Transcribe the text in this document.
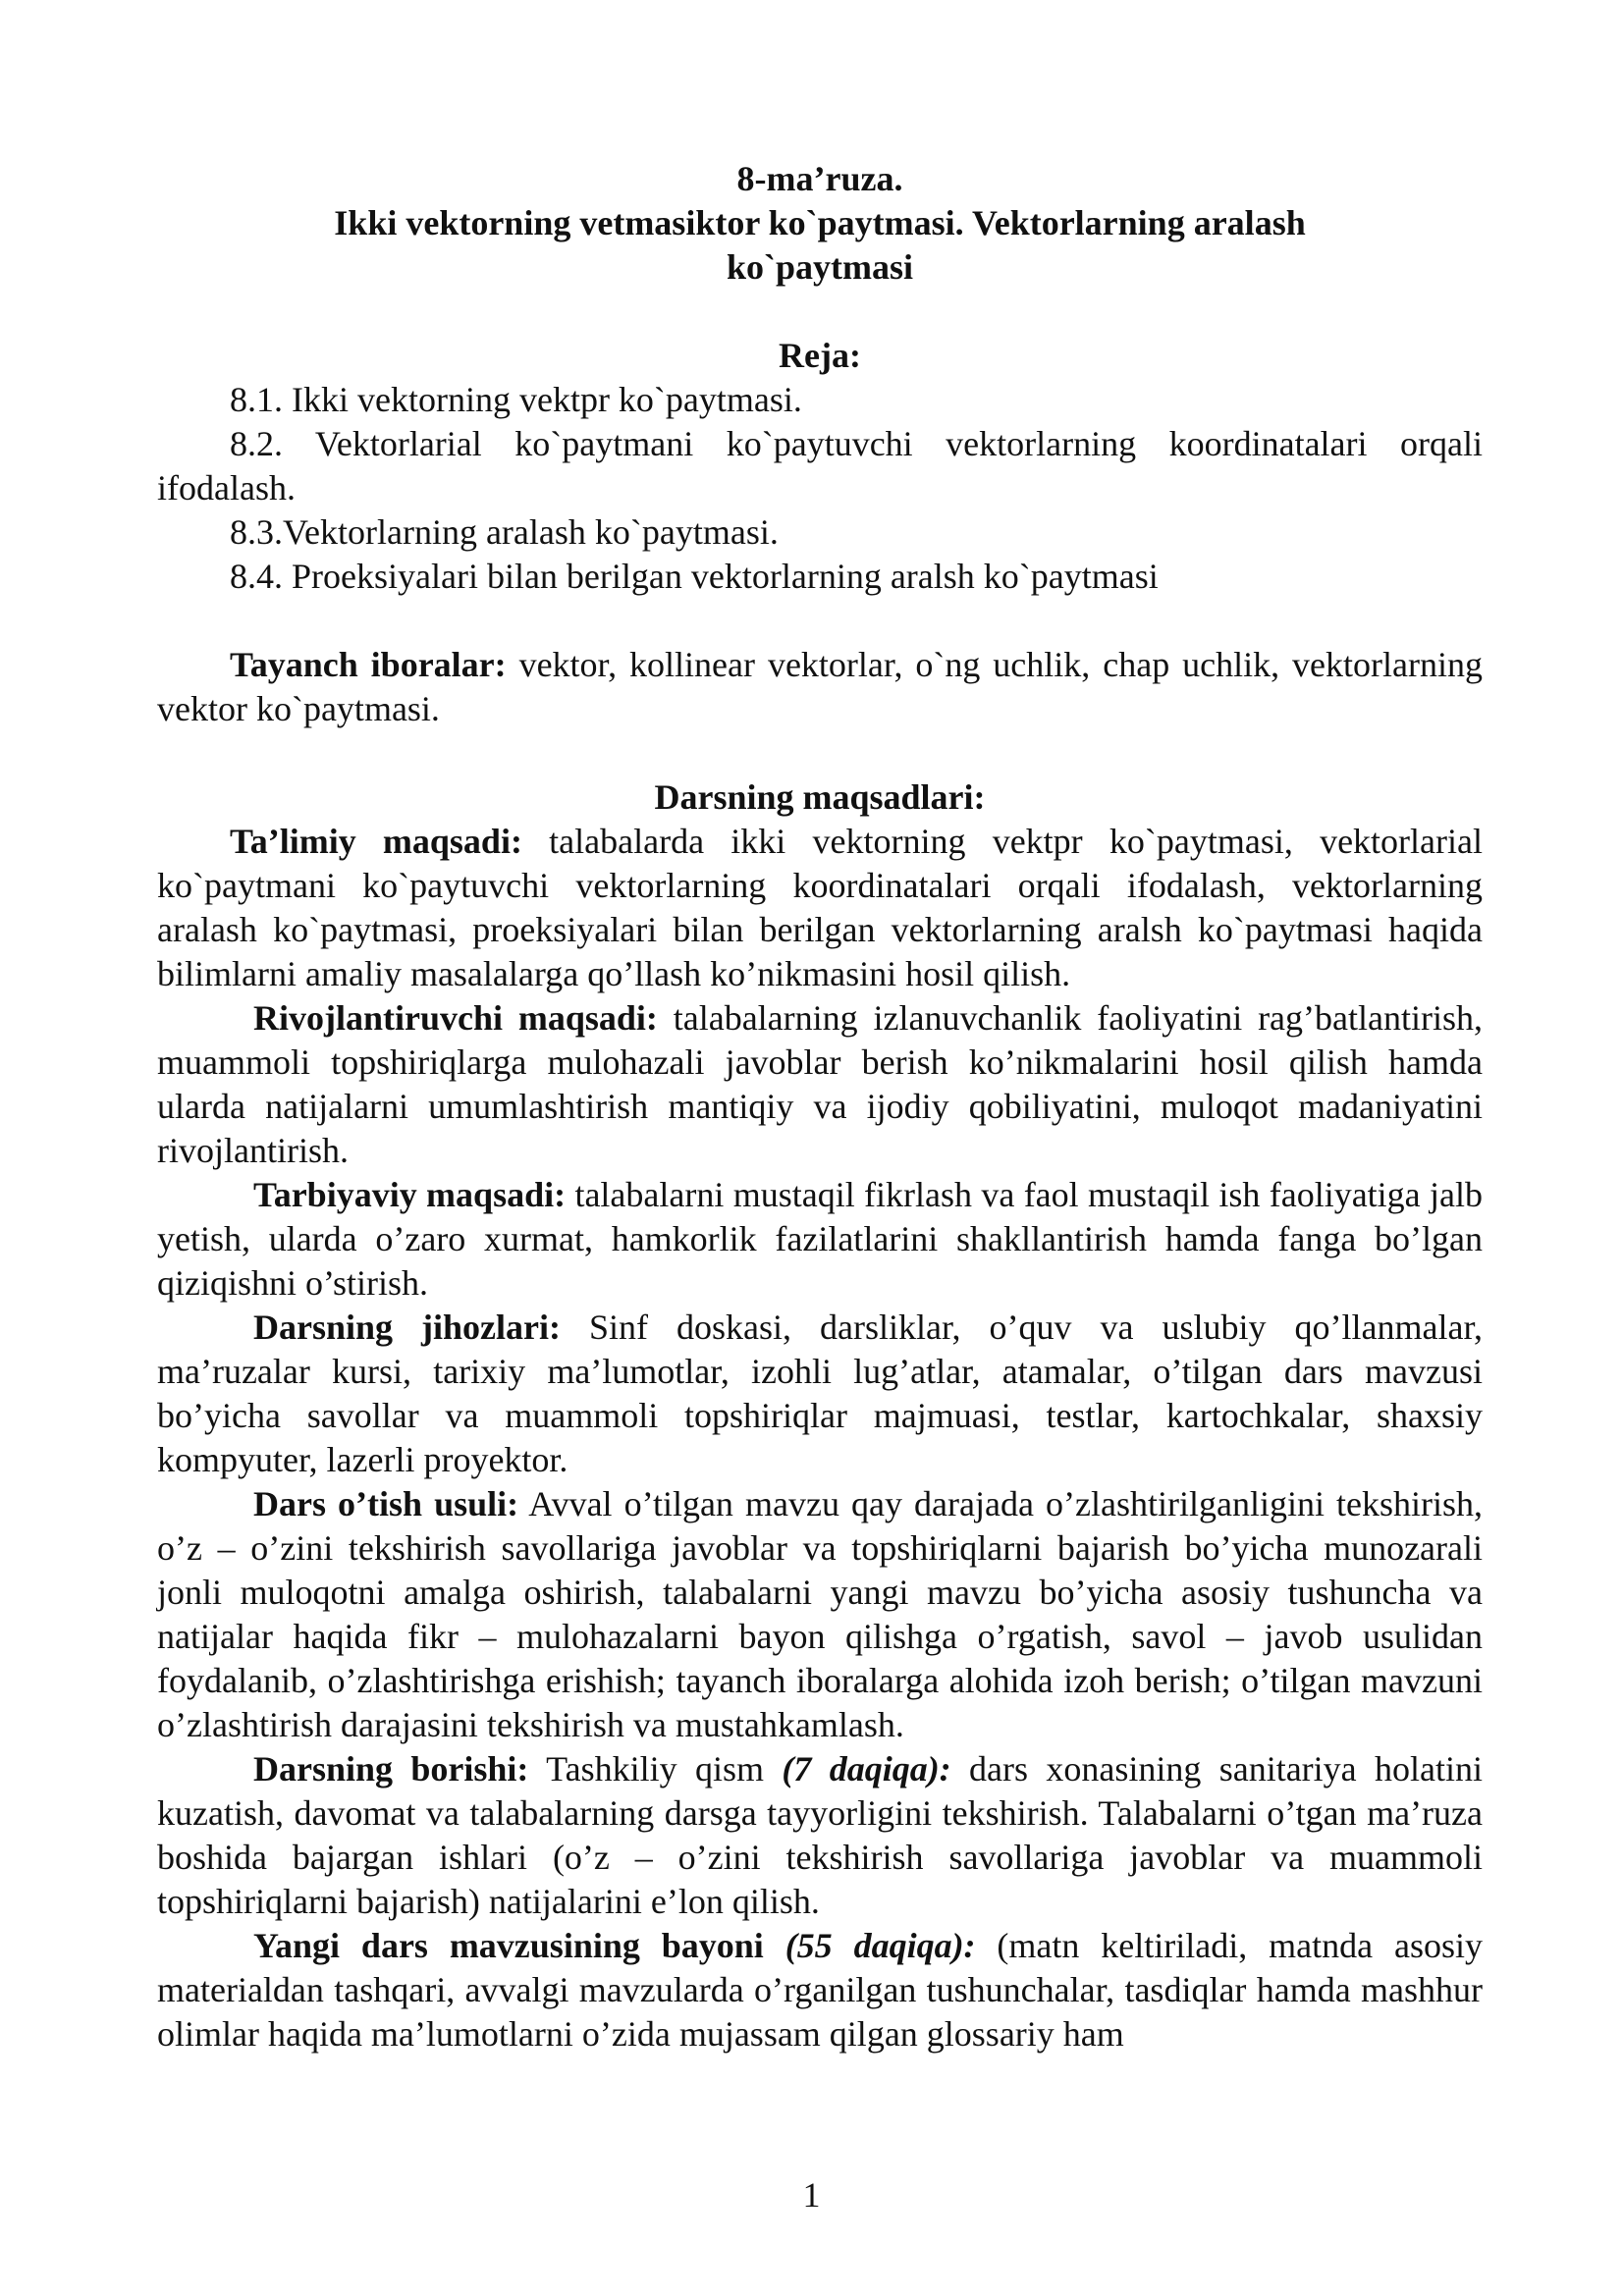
8-ma’ruza.
Ikki vektorning vetmasiktor ko`paytmasi. Vektorlarning aralash
ko`paytmasi
Reja:

8.1. Ikki vektorning vektpr ko`paytmasi.

8.2. Vektorlarial ko`paytmani ko`paytuvchi vektorlarning koordinatalari orqali ifodalash.

8.3.Vektorlarning aralash ko`paytmasi.

8.4. Proeksiyalari bilan berilgan vektorlarning aralsh ko`paytmasi

Tayanch iboralar: vektor, kollinear vektorlar, o`ng uchlik, chap uchlik, vektorlarning vektor ko`paytmasi.

Darsning maqsadlari:

Ta’limiy maqsadi: talabalarda ikki vektorning vektpr ko`paytmasi, vektorlarial ko`paytmani ko`paytuvchi vektorlarning koordinatalari orqali ifodalash, vektorlarning aralash ko`paytmasi, proeksiyalari bilan berilgan vektorlarning aralsh ko`paytmasi haqida bilimlarni amaliy masalalarga qo’llash ko’nikmasini hosil qilish.

Rivojlantiruvchi maqsadi: talabalarning izlanuvchanlik faoliyatini rag’batlantirish, muammoli topshiriqlarga mulohazali javoblar berish ko’nikmalarini hosil qilish hamda ularda natijalarni umumlashtirish mantiqiy va ijodiy qobiliyatini, muloqot madaniyatini rivojlantirish.

Tarbiyaviy maqsadi: talabalarni mustaqil fikrlash va faol mustaqil ish faoliyatiga jalb yetish, ularda o’zaro xurmat, hamkorlik fazilatlarini shakllantirish hamda fanga bo’lgan qiziqishni o’stirish.

Darsning jihozlari: Sinf doskasi, darsliklar, o’quv va uslubiy qo’llanmalar, ma’ruzalar kursi, tarixiy ma’lumotlar, izohli lug’atlar, atamalar, o’tilgan dars mavzusi bo’yicha savollar va muammoli topshiriqlar majmuasi, testlar, kartochkalar, shaxsiy kompyuter, lazerli proyektor.

Dars o’tish usuli: Avval o’tilgan mavzu qay darajada o’zlashtirilganligini tekshirish, o’z – o’zini tekshirish savollariga javoblar va topshiriqlarni bajarish bo’yicha munozarali jonli muloqotni amalga oshirish, talabalarni yangi mavzu bo’yicha asosiy tushuncha va natijalar haqida fikr – mulohazalarni bayon qilishga o’rgatish, savol – javob usulidan foydalanib, o’zlashtirishga erishish; tayanch iboralarga alohida izoh berish; o’tilgan mavzuni o’zlashtirish darajasini tekshirish va mustahkamlash.

Darsning borishi: Tashkiliy qism (7 daqiqa): dars xonasining sanitariya holatini kuzatish, davomat va talabalarning darsga tayyorligini tekshirish. Talabalarni o’tgan ma’ruza boshida bajargan ishlari (o’z – o’zini tekshirish savollariga javoblar va muammoli topshiriqlarni bajarish) natijalarini e’lon qilish.

Yangi dars mavzusining bayoni (55 daqiqa): (matn keltiriladi, matnda asosiy materialdan tashqari, avvalgi mavzularda o’rganilgan tushunchalar, tasdiqlar hamda mashhur olimlar haqida ma’lumotlarni o’zida mujassam qilgan glossariy ham

1
